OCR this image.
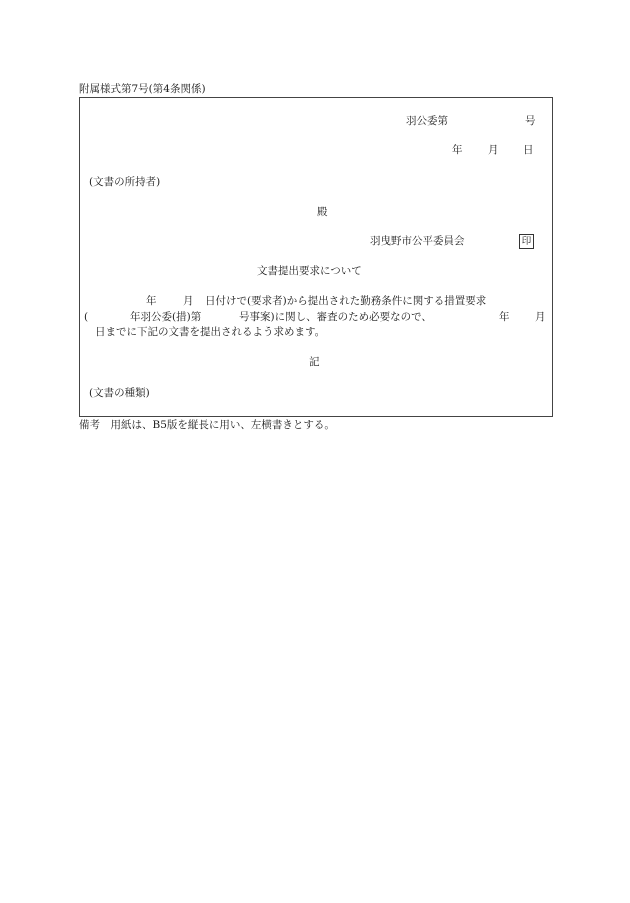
附属様式第7号(第4条関係)
羽公委第	号
年 月 日
(文書の所持者)
殿
羽曳野市公平委員会	印
文書提出要求について
年	月 日付けで(要求者)から提出された勤務条件に関する措置要求
(	年羽公委(措)第	号事案)に関し、審査のため必要なので、	年 月
日までに下記の文書を提出されるよう求めます。
記
(文書の種類)
備考　用紙は、B5版を縦長に用い、左横書きとする。
